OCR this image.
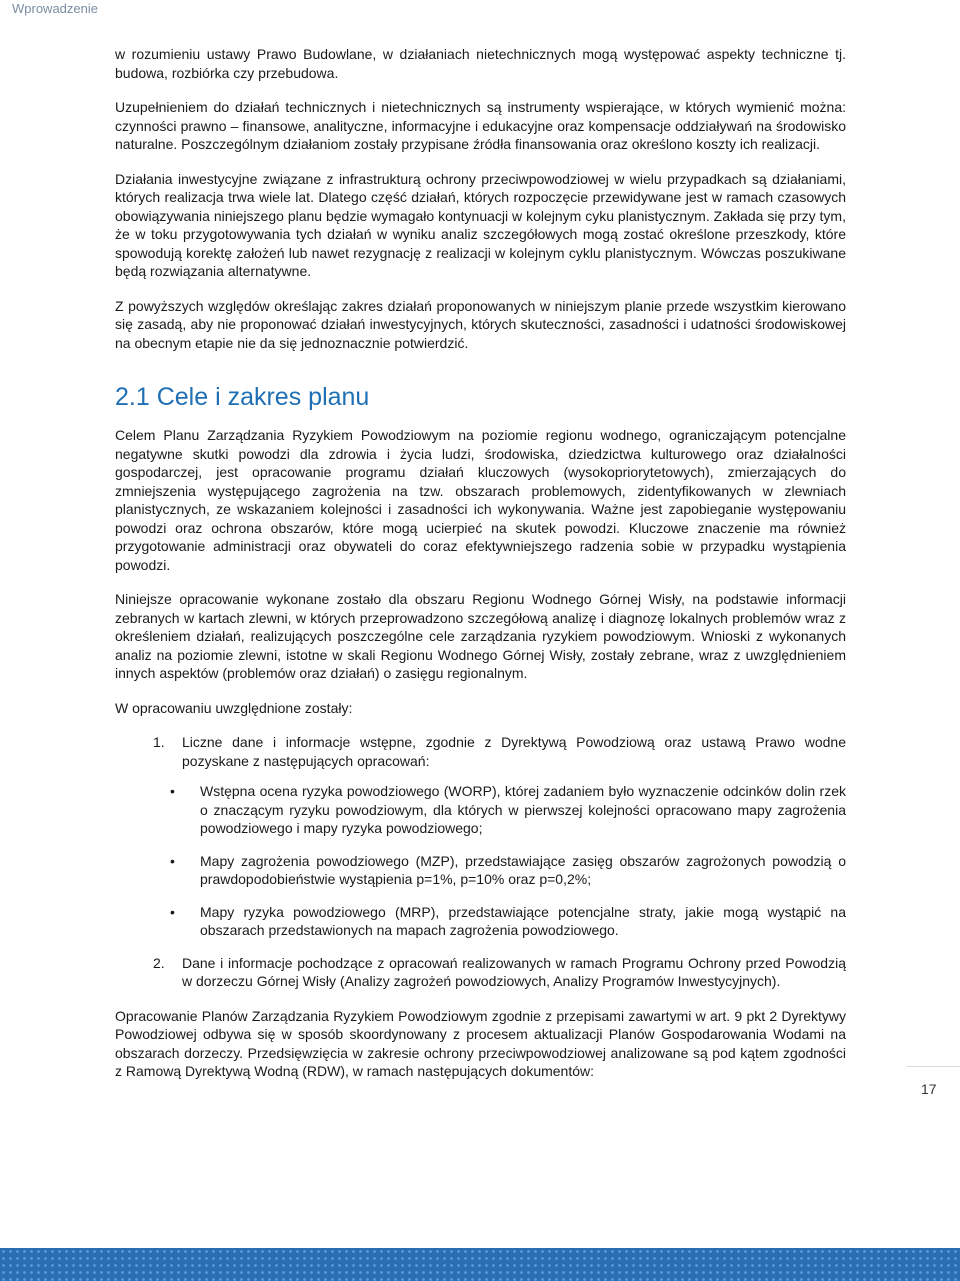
Wprowadzenie

w rozumieniu ustawy Prawo Budowlane, w działaniach nietechnicznych mogą występować aspekty techniczne tj. budowa, rozbiórka czy przebudowa.

Uzupełnieniem do działań technicznych i nietechnicznych są instrumenty wspierające, w których wymienić można: czynności prawno – finansowe, analityczne, informacyjne i edukacyjne oraz kompensacje oddziaływań na środowisko naturalne. Poszczególnym działaniom zostały przypisane źródła finansowania oraz określono koszty ich realizacji.

Działania inwestycyjne związane z infrastrukturą ochrony przeciwpowodziowej w wielu przypadkach są działaniami, których realizacja trwa wiele lat. Dlatego część działań, których rozpoczęcie przewidywane jest w ramach czasowych obowiązywania niniejszego planu będzie wymagało kontynuacji w kolejnym cyku planistycznym. Zakłada się przy tym, że w toku przygotowywania tych działań w wyniku analiz szczegółowych mogą zostać określone przeszkody, które spowodują korektę założeń lub nawet rezygnację z realizacji w kolejnym cyklu planistycznym. Wówczas poszukiwane będą rozwiązania alternatywne.

Z powyższych względów określając zakres działań proponowanych w niniejszym planie przede wszystkim kierowano się zasadą, aby nie proponować działań inwestycyjnych, których skuteczności, zasadności i udatności środowiskowej na obecnym etapie nie da się jednoznacznie potwierdzić.

2.1 Cele i zakres planu

Celem Planu Zarządzania Ryzykiem Powodziowym na poziomie regionu wodnego, ograniczającym potencjalne negatywne skutki powodzi dla zdrowia i życia ludzi, środowiska, dziedzictwa kulturowego oraz działalności gospodarczej, jest opracowanie programu działań kluczowych (wysokopriorytetowych), zmierzających do zmniejszenia występującego zagrożenia na tzw. obszarach problemowych, zidentyfikowanych w zlewniach planistycznych, ze wskazaniem kolejności i zasadności ich wykonywania. Ważne jest zapobieganie występowaniu powodzi oraz ochrona obszarów, które mogą ucierpieć na skutek powodzi. Kluczowe znaczenie ma również przygotowanie administracji oraz obywateli do coraz efektywniejszego radzenia sobie w przypadku wystąpienia powodzi.

Niniejsze opracowanie wykonane zostało dla obszaru Regionu Wodnego Górnej Wisły, na podstawie informacji zebranych w kartach zlewni, w których przeprowadzono szczegółową analizę i diagnozę lokalnych problemów wraz z określeniem działań, realizujących poszczególne cele zarządzania ryzykiem powodziowym. Wnioski z wykonanych analiz na poziomie zlewni, istotne w skali Regionu Wodnego Górnej Wisły, zostały zebrane, wraz z uwzględnieniem innych aspektów (problemów oraz działań) o zasięgu regionalnym.

W opracowaniu uwzględnione zostały:

1. Liczne dane i informacje wstępne, zgodnie z Dyrektywą Powodziową oraz ustawą Prawo wodne pozyskane z następujących opracowań:
• Wstępna ocena ryzyka powodziowego (WORP), której zadaniem było wyznaczenie odcinków dolin rzek o znaczącym ryzyku powodziowym, dla których w pierwszej kolejności opracowano mapy zagrożenia powodziowego i mapy ryzyka powodziowego;
• Mapy zagrożenia powodziowego (MZP), przedstawiające zasięg obszarów zagrożonych powodzią o prawdopodobieństwie wystąpienia p=1%, p=10% oraz p=0,2%;
• Mapy ryzyka powodziowego (MRP), przedstawiające potencjalne straty, jakie mogą wystąpić na obszarach przedstawionych na mapach zagrożenia powodziowego.
2. Dane i informacje pochodzące z opracowań realizowanych w ramach Programu Ochrony przed Powodzią w dorzeczu Górnej Wisły (Analizy zagrożeń powodziowych, Analizy Programów Inwestycyjnych).

Opracowanie Planów Zarządzania Ryzykiem Powodziowym zgodnie z przepisami zawartymi w art. 9 pkt 2 Dyrektywy Powodziowej odbywa się w sposób skoordynowany z procesem aktualizacji Planów Gospodarowania Wodami na obszarach dorzeczy. Przedsięwzięcia w zakresie ochrony przeciwpowodziowej analizowane są pod kątem zgodności z Ramową Dyrektywą Wodną (RDW), w ramach następujących dokumentów:

17
